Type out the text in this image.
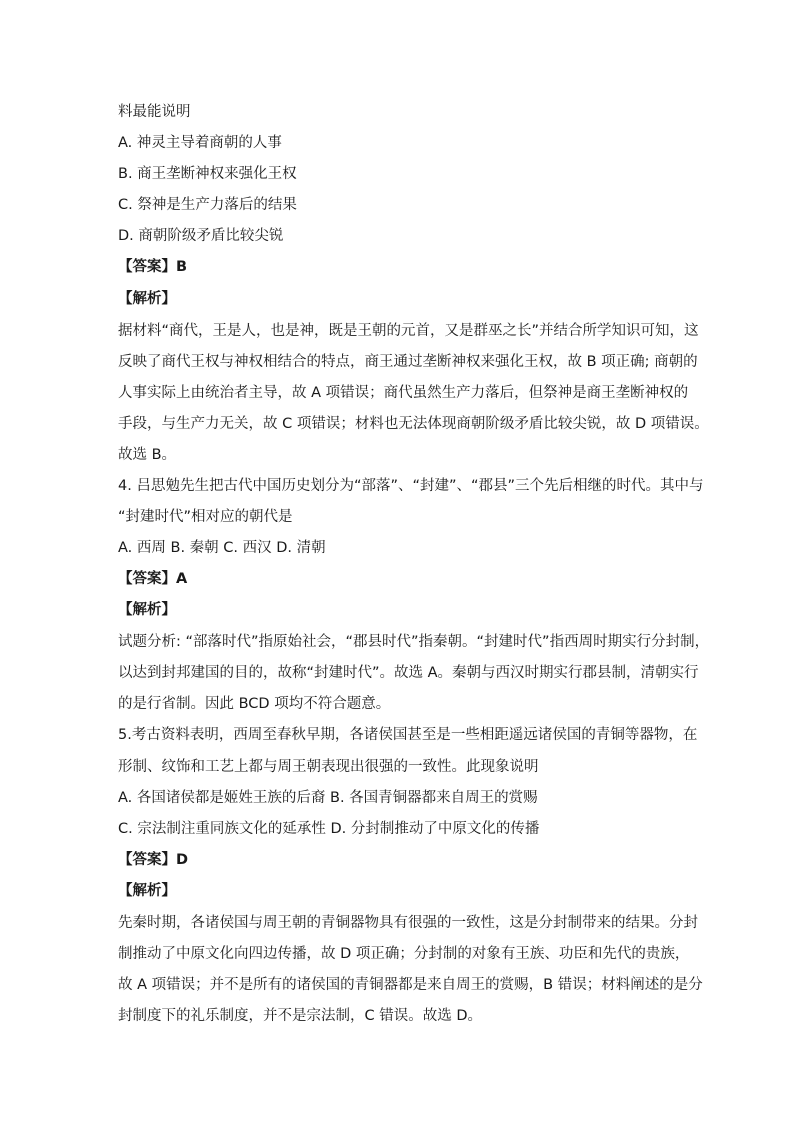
料最能说明
A. 神灵主导着商朝的人事
B. 商王垄断神权来强化王权
C. 祭神是生产力落后的结果
D. 商朝阶级矛盾比较尖锐
【答案】B
【解析】
据材料“商代，王是人，也是神，既是王朝的元首，又是群巫之长”并结合所学知识可知，这
反映了商代王权与神权相结合的特点，商王通过垄断神权来强化王权，故 B 项正确; 商朝的
人事实际上由统治者主导，故 A 项错误；商代虽然生产力落后，但祭神是商王垄断神权的
手段，与生产力无关，故 C 项错误；材料也无法体现商朝阶级矛盾比较尖锐，故 D 项错误。
故选 B。
4. 吕思勉先生把古代中国历史划分为“部落”、“封建”、“郡县”三个先后相继的时代。其中与
“封建时代”相对应的朝代是
A. 西周 B. 秦朝 C. 西汉 D. 清朝
【答案】A
【解析】
试题分析: “部落时代”指原始社会，“郡县时代”指秦朝。“封建时代”指西周时期实行分封制，
以达到封邦建国的目的，故称“封建时代”。故选 A。秦朝与西汉时期实行郡县制，清朝实行
的是行省制。因此 BCD 项均不符合题意。
5.考古资料表明，西周至春秋早期，各诸侯国甚至是一些相距遥远诸侯国的青铜等器物，在
形制、纹饰和工艺上都与周王朝表现出很强的一致性。此现象说明
A. 各国诸侯都是姬姓王族的后裔 B. 各国青铜器都来自周王的赏赐
C. 宗法制注重同族文化的延承性 D. 分封制推动了中原文化的传播
【答案】D
【解析】
先秦时期，各诸侯国与周王朝的青铜器物具有很强的一致性，这是分封制带来的结果。分封
制推动了中原文化向四边传播，故 D 项正确；分封制的对象有王族、功臣和先代的贵族，
故 A 项错误；并不是所有的诸侯国的青铜器都是来自周王的赏赐，B 错误；材料阐述的是分
封制度下的礼乐制度，并不是宗法制，C 错误。故选 D。
